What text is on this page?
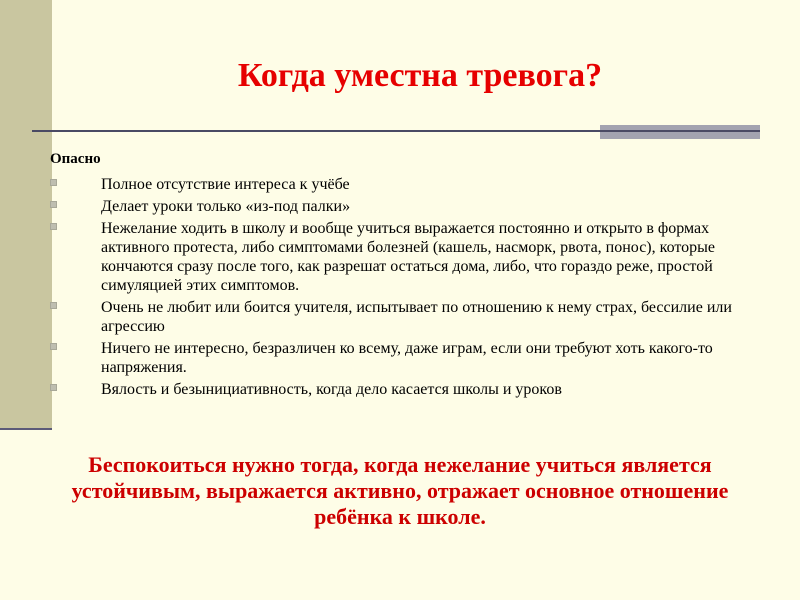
Когда уместна тревога?
Опасно
Полное отсутствие интереса к учёбе
Делает уроки только «из-под палки»
Нежелание ходить в школу и вообще учиться выражается постоянно и открыто в формах активного протеста, либо симптомами болезней (кашель, насморк, рвота, понос), которые кончаются сразу после того, как разрешат остаться дома, либо, что гораздо реже, простой симуляцией этих симптомов.
Очень не любит или боится учителя, испытывает по отношению к нему страх, бессилие или агрессию
Ничего не интересно, безразличен ко всему, даже играм, если они требуют хоть какого-то напряжения.
Вялость и безынициативность, когда дело касается школы и уроков
Беспокоиться нужно тогда, когда нежелание учиться является устойчивым, выражается активно, отражает основное отношение ребёнка к школе.
